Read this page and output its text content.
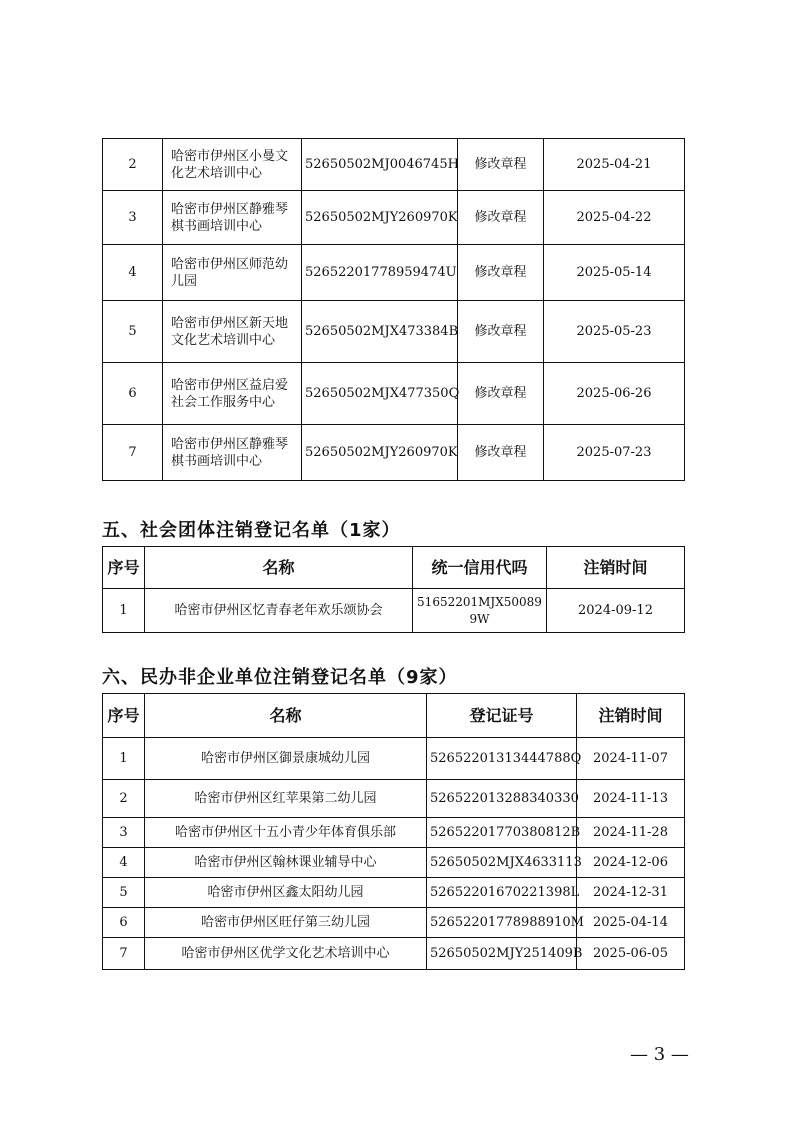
2	哈密市伊州区小曼文化艺术培训中心	52650502MJ0046745H	修改章程	2025-04-21
3	哈密市伊州区静雅琴棋书画培训中心	52650502MJY260970K	修改章程	2025-04-22
4	哈密市伊州区师范幼儿园	52652201778959474U	修改章程	2025-05-14
5	哈密市伊州区新天地文化艺术培训中心	52650502MJX473384B	修改章程	2025-05-23
6	哈密市伊州区益启爱社会工作服务中心	52650502MJX477350Q	修改章程	2025-06-26
7	哈密市伊州区静雅琴棋书画培训中心	52650502MJY260970K	修改章程	2025-07-23
五、社会团体注销登记名单（1家）
序号	名称	统一信用代吗	注销时间
1	哈密市伊州区忆青春老年欢乐颂协会	51652201MJX500899W	2024-09-12
六、民办非企业单位注销登记名单（9家）
序号	名称	登记证号	注销时间
1	哈密市伊州区御景康城幼儿园	52652201313444788Q	2024-11-07
2	哈密市伊州区红苹果第二幼儿园	526522013288340330	2024-11-13
3	哈密市伊州区十五小青少年体育俱乐部	52652201770380812B	2024-11-28
4	哈密市伊州区翰林课业辅导中心	52650502MJX4633113	2024-12-06
5	哈密市伊州区鑫太阳幼儿园	52652201670221398L	2024-12-31
6	哈密市伊州区旺仔第三幼儿园	52652201778988910M	2025-04-14
7	哈密市伊州区优学文化艺术培训中心	52650502MJY251409B	2025-06-05
— 3 —
